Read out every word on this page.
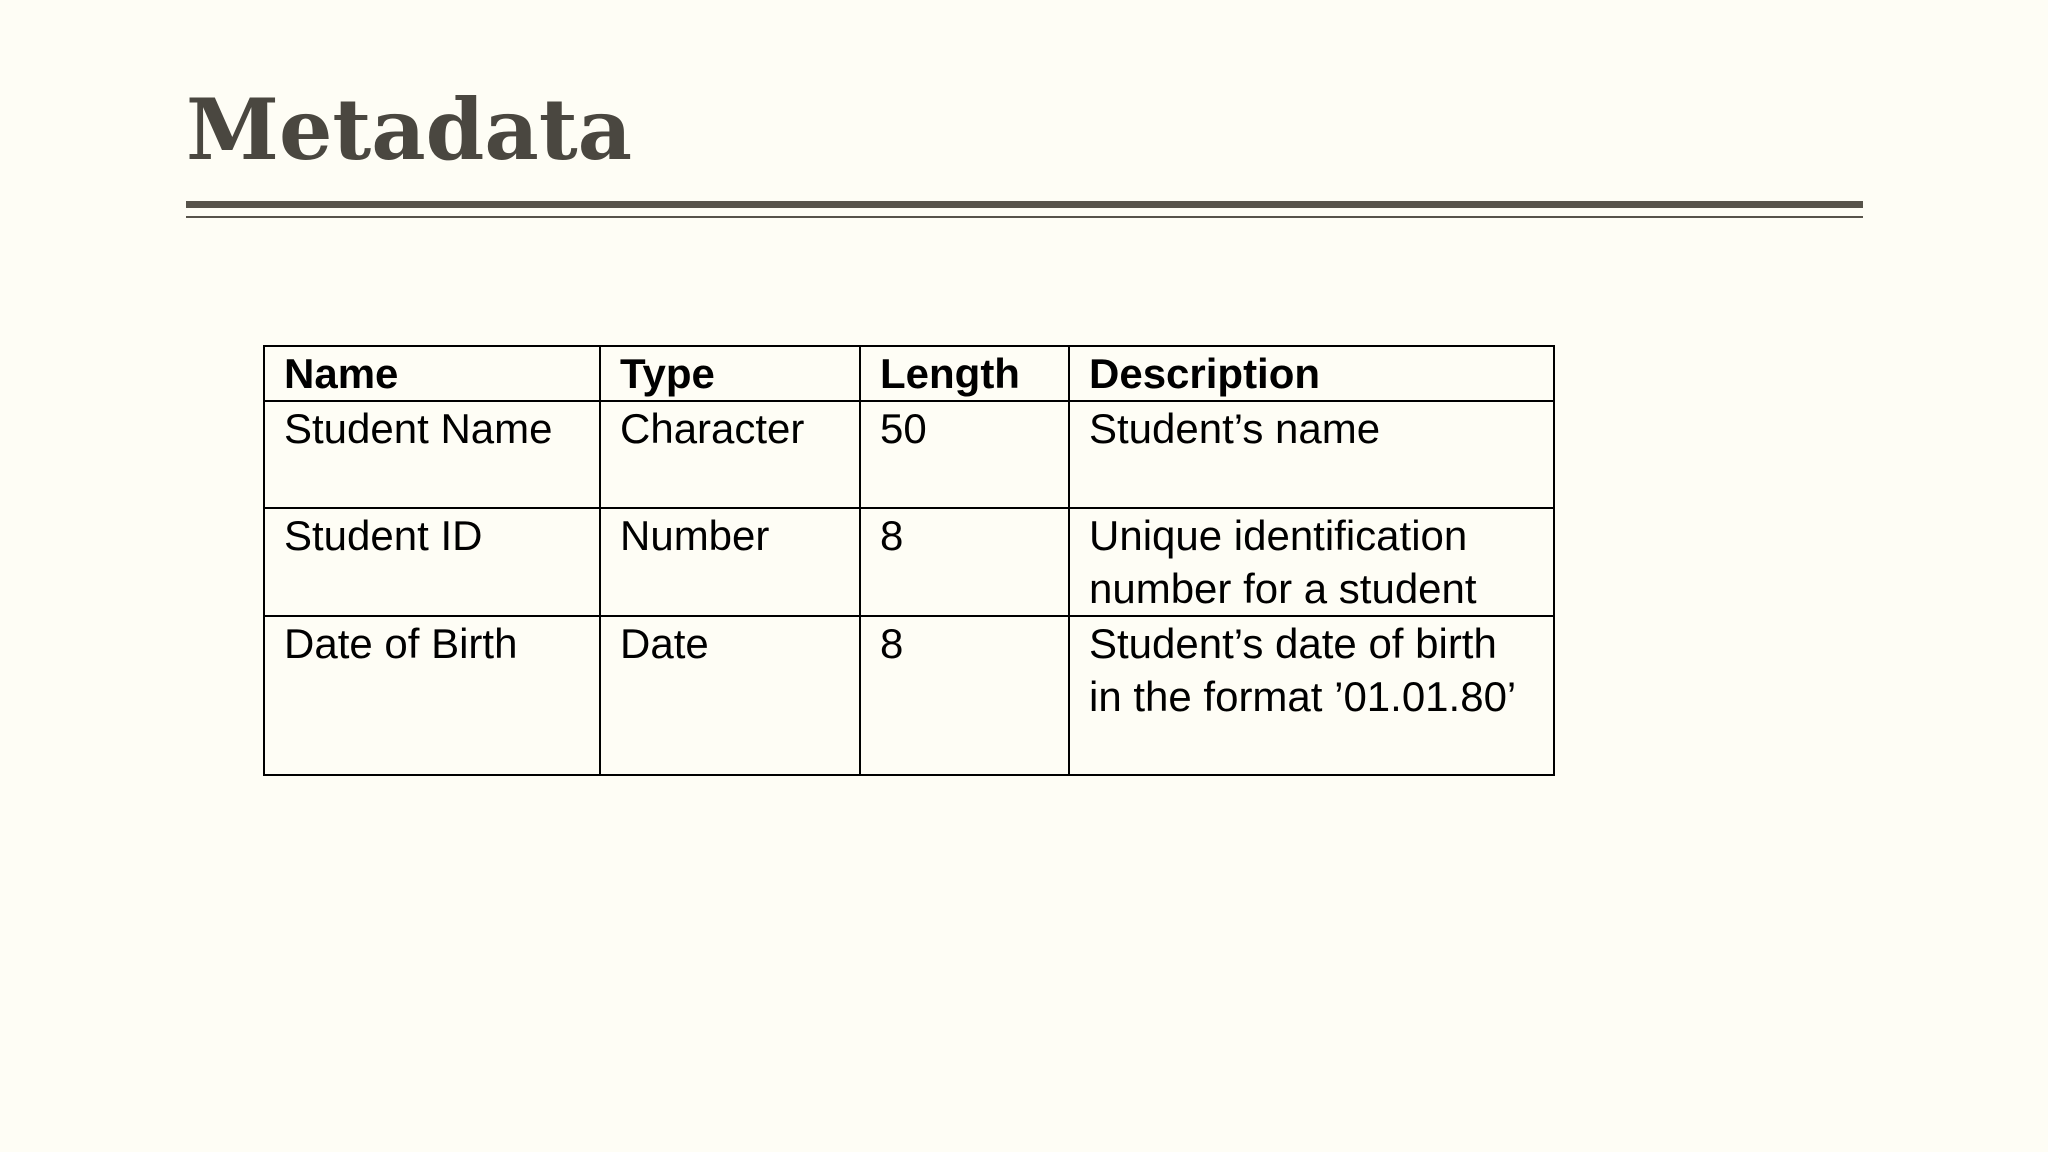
Metadata
Name	Type	Length	Description
Student Name	Character	50	Student’s name
Student ID	Number	8	Unique identification number for a student
Date of Birth	Date	8	Student’s date of birth in the format ’01.01.80’
